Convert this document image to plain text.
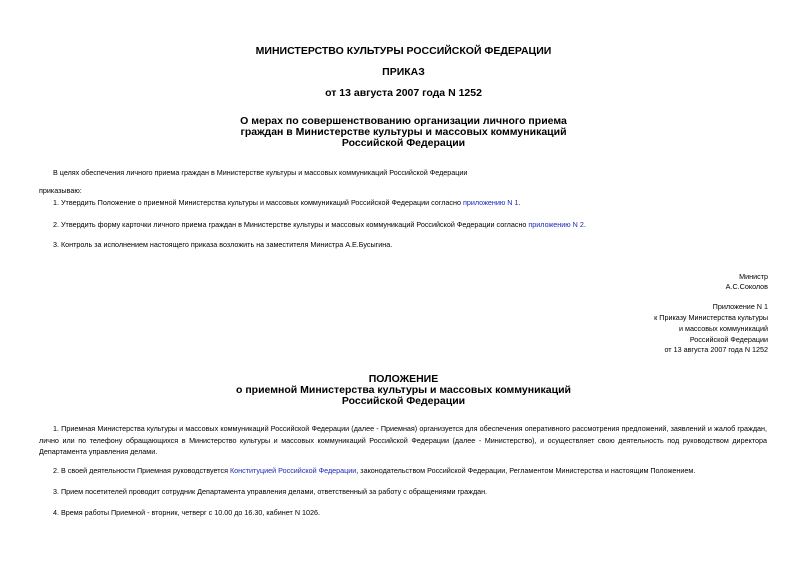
МИНИСТЕРСТВО КУЛЬТУРЫ РОССИЙСКОЙ ФЕДЕРАЦИИ
ПРИКАЗ
от 13 августа 2007 года N 1252
О мерах по совершенствованию организации личного приема
граждан в Министерстве культуры и массовых коммуникаций
Российской Федерации
В целях обеспечения личного приема граждан в Министерстве культуры и массовых коммуникаций Российской Федерации
приказываю:
1. Утвердить Положение о приемной Министерства культуры и массовых коммуникаций Российской Федерации согласно приложению N 1.
2. Утвердить форму карточки личного приема граждан в Министерстве культуры и массовых коммуникаций Российской Федерации согласно приложению N 2.
3. Контроль за исполнением настоящего приказа возложить на заместителя Министра А.Е.Бусыгина.
Министр
А.С.Соколов
Приложение N 1
к Приказу Министерства культуры
и массовых коммуникаций
Российской Федерации
от 13 августа 2007 года N 1252
ПОЛОЖЕНИЕ
о приемной Министерства культуры и массовых коммуникаций
Российской Федерации
1. Приемная Министерства культуры и массовых коммуникаций Российской Федерации (далее - Приемная) организуется для обеспечения оперативного рассмотрения предложений, заявлений и жалоб граждан, лично или по телефону обращающихся в Министерство культуры и массовых коммуникаций Российской Федерации (далее - Министерство), и осуществляет свою деятельность под руководством директора Департамента управления делами.
2. В своей деятельности Приемная руководствуется Конституцией Российской Федерации, законодательством Российской Федерации, Регламентом Министерства и настоящим Положением.
3. Прием посетителей проводит сотрудник Департамента управления делами, ответственный за работу с обращениями граждан.
4. Время работы Приемной - вторник, четверг с 10.00 до 16.30, кабинет N 1026.
